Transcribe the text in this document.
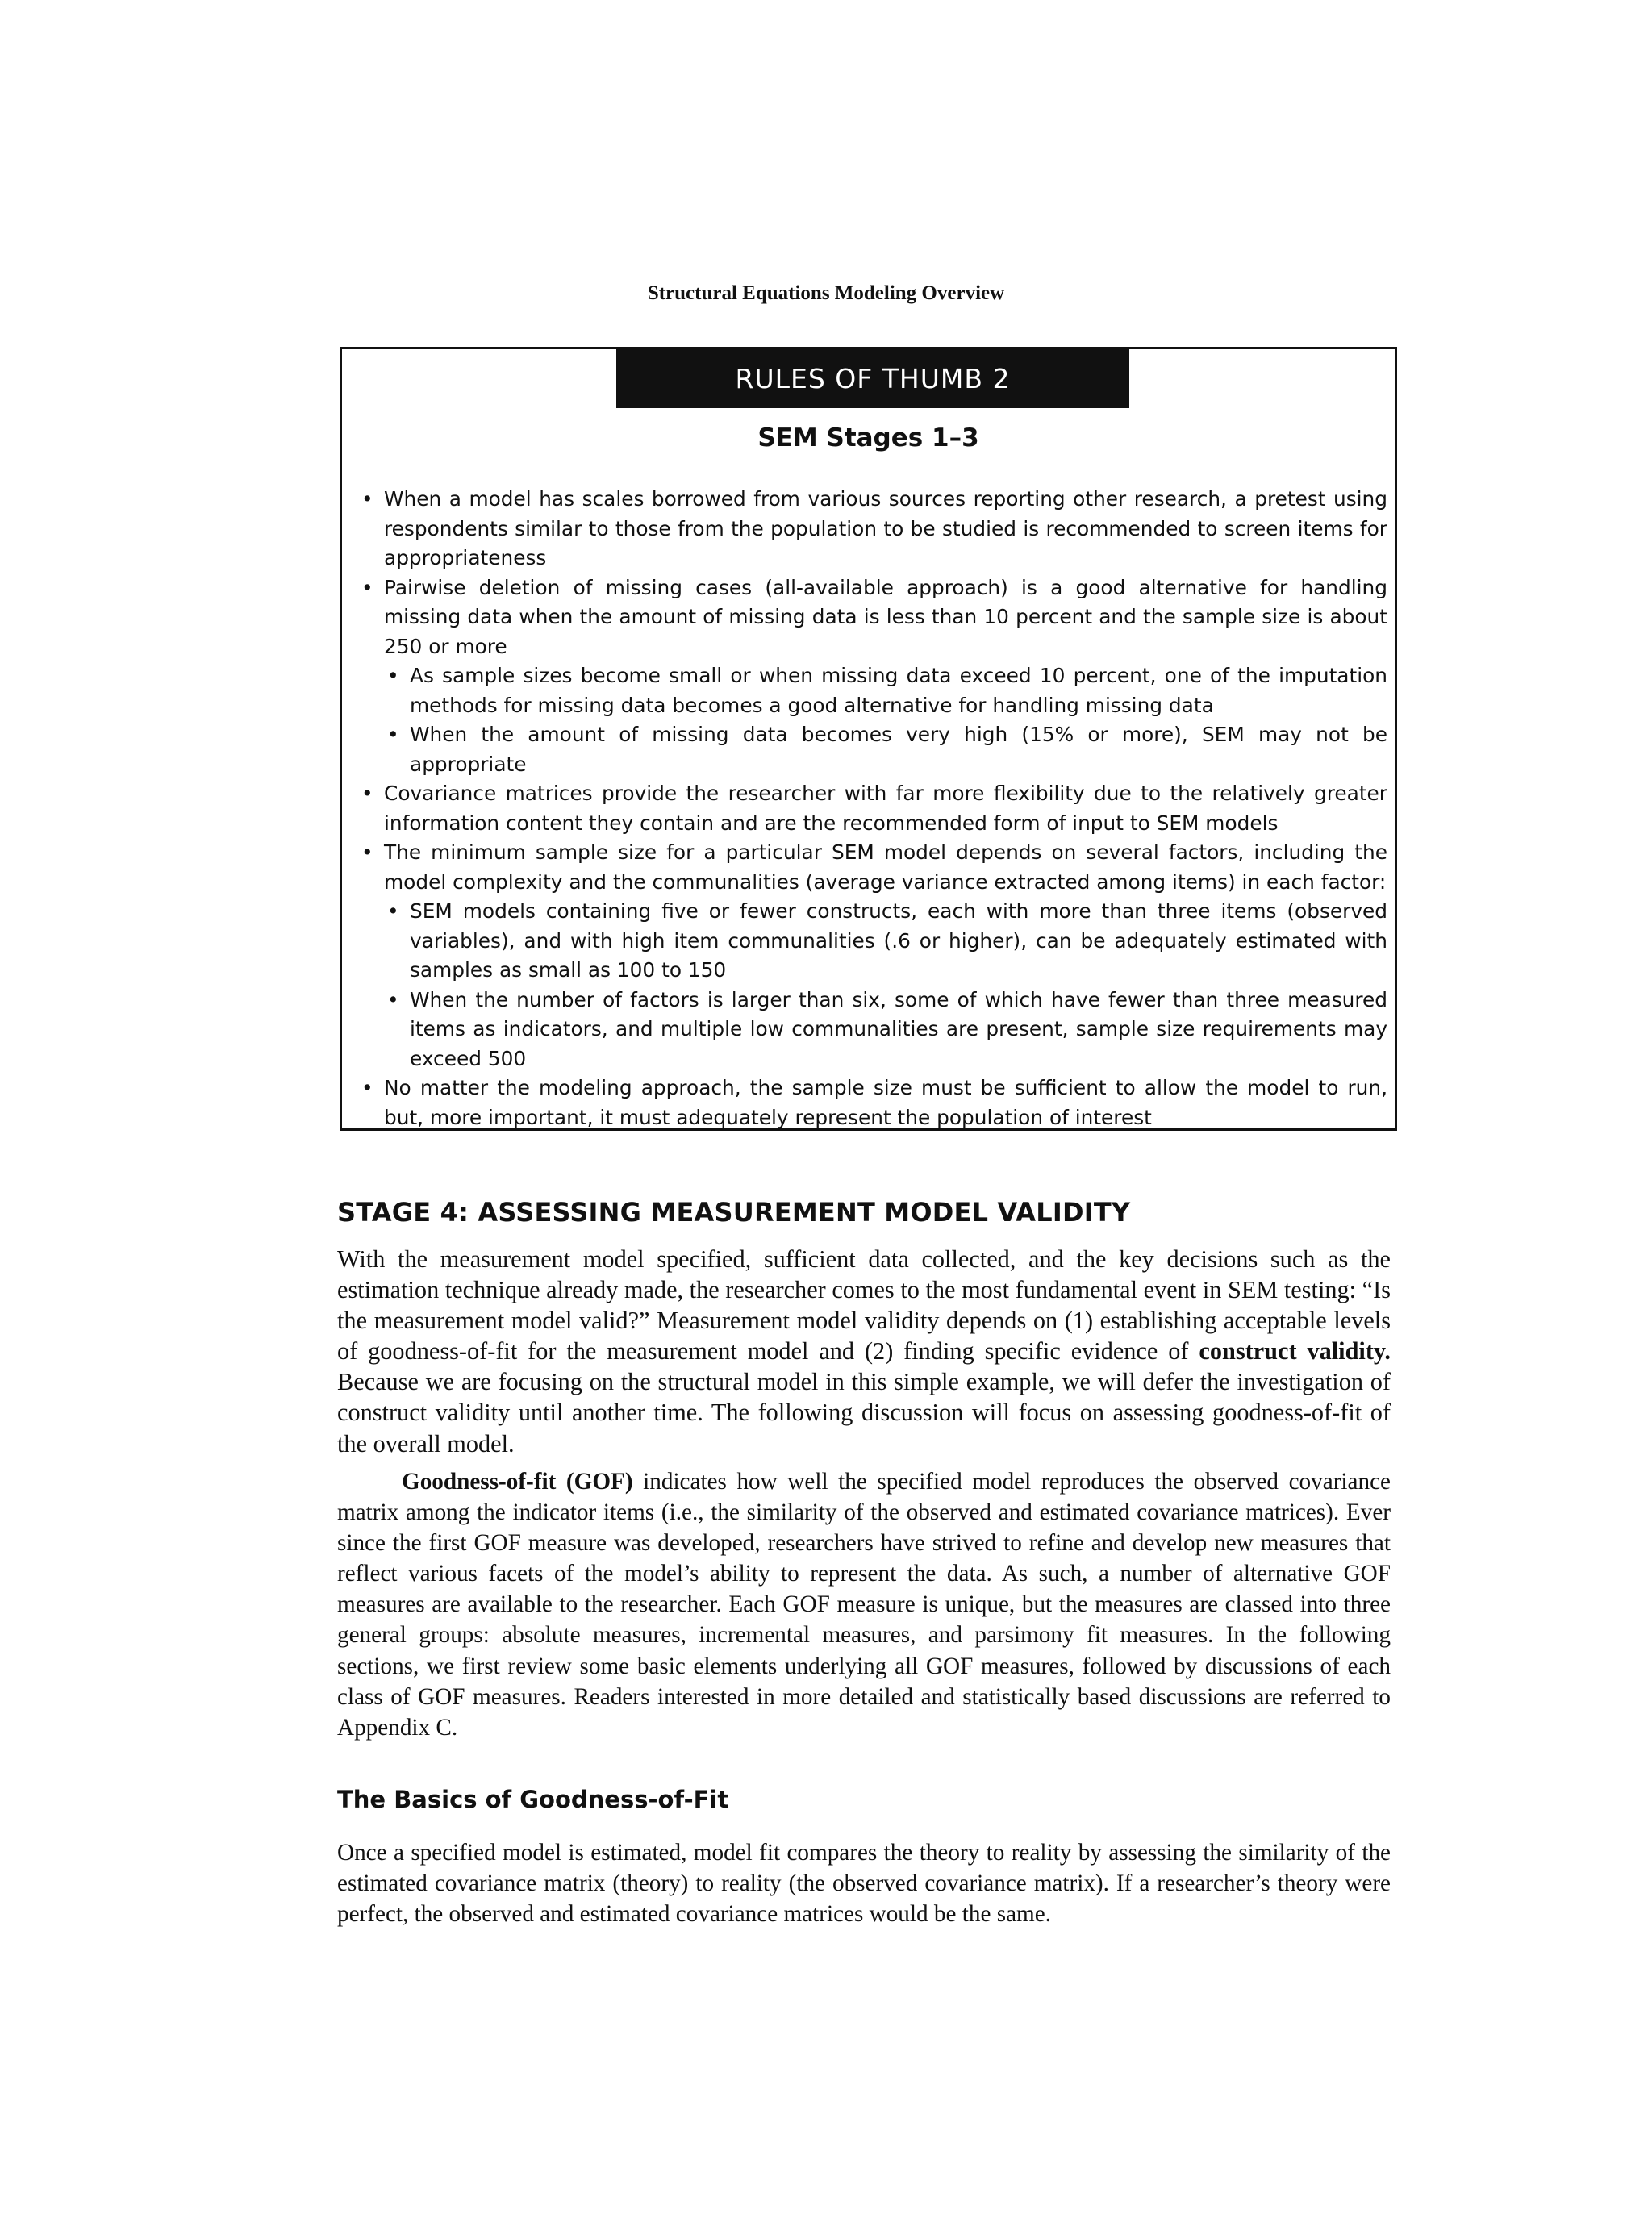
Structural Equations Modeling Overview
RULES OF THUMB 2
SEM Stages 1–3
• When a model has scales borrowed from various sources reporting other research, a pretest using respondents similar to those from the population to be studied is recommended to screen items for appropriateness
• Pairwise deletion of missing cases (all-available approach) is a good alternative for handling missing data when the amount of missing data is less than 10 percent and the sample size is about 250 or more
• As sample sizes become small or when missing data exceed 10 percent, one of the imputation methods for missing data becomes a good alternative for handling missing data
• When the amount of missing data becomes very high (15% or more), SEM may not be appropriate
• Covariance matrices provide the researcher with far more flexibility due to the relatively greater information content they contain and are the recommended form of input to SEM models
• The minimum sample size for a particular SEM model depends on several factors, including the model complexity and the communalities (average variance extracted among items) in each factor:
• SEM models containing five or fewer constructs, each with more than three items (observed variables), and with high item communalities (.6 or higher), can be adequately estimated with samples as small as 100 to 150
• When the number of factors is larger than six, some of which have fewer than three measured items as indicators, and multiple low communalities are present, sample size requirements may exceed 500
• No matter the modeling approach, the sample size must be sufficient to allow the model to run, but, more important, it must adequately represent the population of interest
STAGE 4: ASSESSING MEASUREMENT MODEL VALIDITY

With the measurement model specified, sufficient data collected, and the key decisions such as the estimation technique already made, the researcher comes to the most fundamental event in SEM testing: “Is the measurement model valid?” Measurement model validity depends on (1) establishing acceptable levels of goodness-of-fit for the measurement model and (2) finding specific evidence of construct validity. Because we are focusing on the structural model in this simple example, we will defer the investigation of construct validity until another time. The following discussion will focus on assessing goodness-of-fit of the overall model.

Goodness-of-fit (GOF) indicates how well the specified model reproduces the observed covariance matrix among the indicator items (i.e., the similarity of the observed and estimated covariance matrices). Ever since the first GOF measure was developed, researchers have strived to refine and develop new measures that reflect various facets of the model’s ability to represent the data. As such, a number of alternative GOF measures are available to the researcher. Each GOF measure is unique, but the measures are classed into three general groups: absolute measures, incremental measures, and parsimony fit measures. In the following sections, we first review some basic elements underlying all GOF measures, followed by discussions of each class of GOF measures. Readers interested in more detailed and statistically based discussions are referred to Appendix C.

The Basics of Goodness-of-Fit

Once a specified model is estimated, model fit compares the theory to reality by assessing the similarity of the estimated covariance matrix (theory) to reality (the observed covariance matrix). If a researcher’s theory were perfect, the observed and estimated covariance matrices would be the same.
